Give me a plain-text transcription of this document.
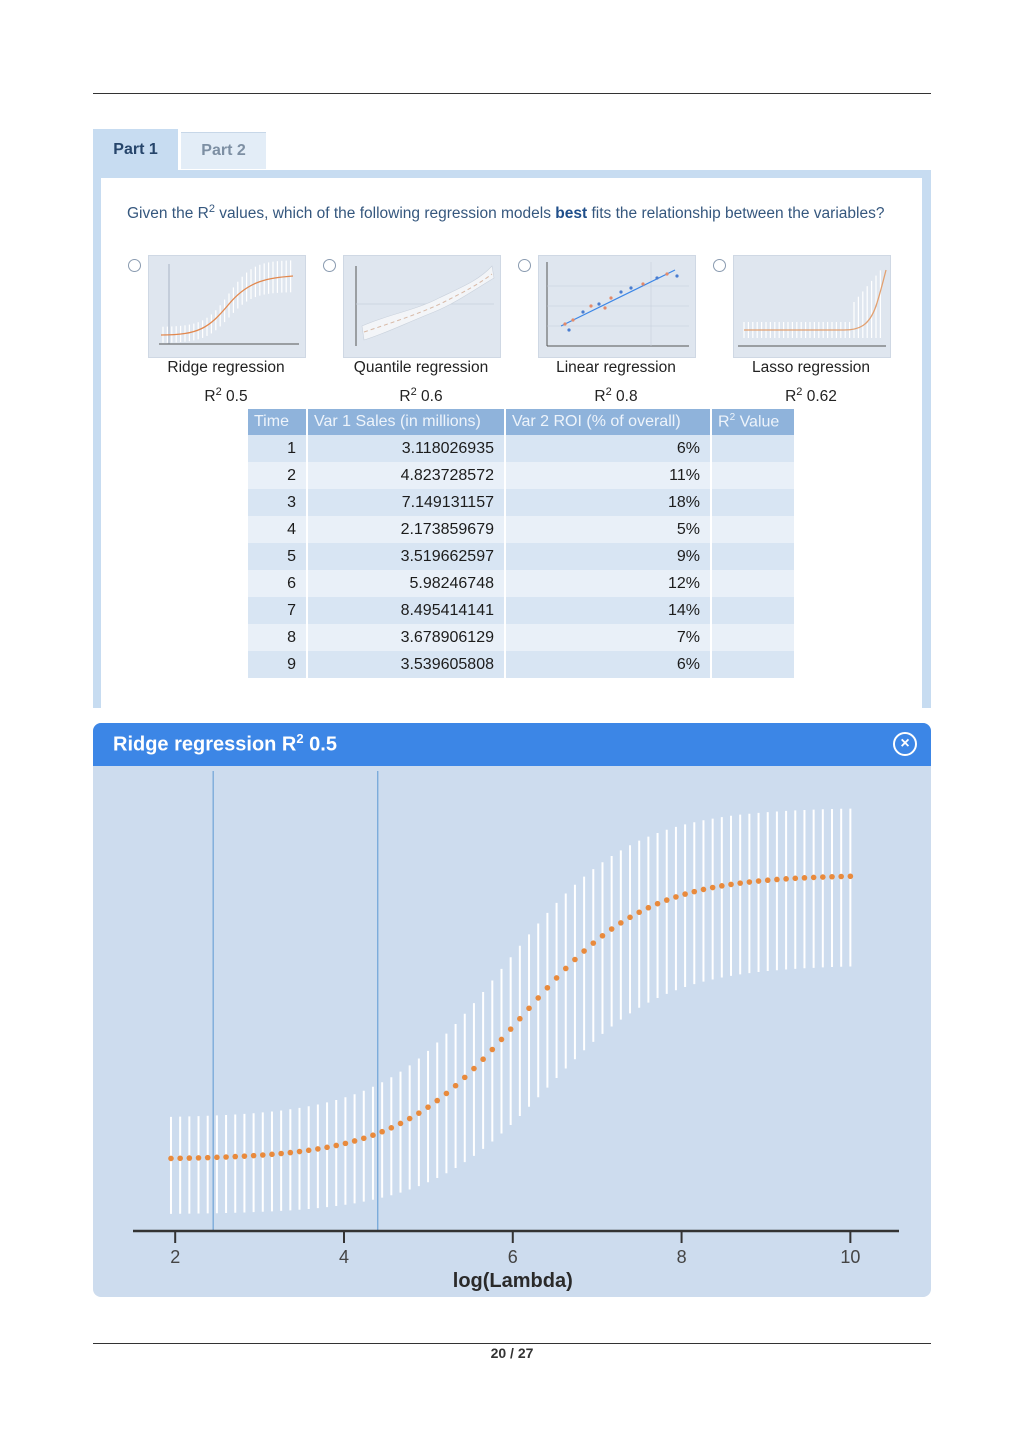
Part 1	Part 2
Given the $R^2$ values, which of the following regression models best fits the relationship between the variables?
Ridge regression
$R^2$ 0.5
Quantile regression
$R^2$ 0.6
Linear regression
$R^2$ 0.8
Lasso regression
$R^2$ 0.62
Time	Var 1 Sales (in millions)	Var 2 ROI (% of overall)	$R^2$ Value
1	3.118026935	6%	
2	4.823728572	11%	
3	7.149131157	18%	
4	2.173859679	5%	
5	3.519662597	9%	
6	5.98246748	12%	
7	8.495414141	14%	
8	3.678906129	7%	
9	3.539605808	6%	
Ridge regression $R^2$ 0.5	×
2	4	6	8	10
log(Lambda)
20 / 27
